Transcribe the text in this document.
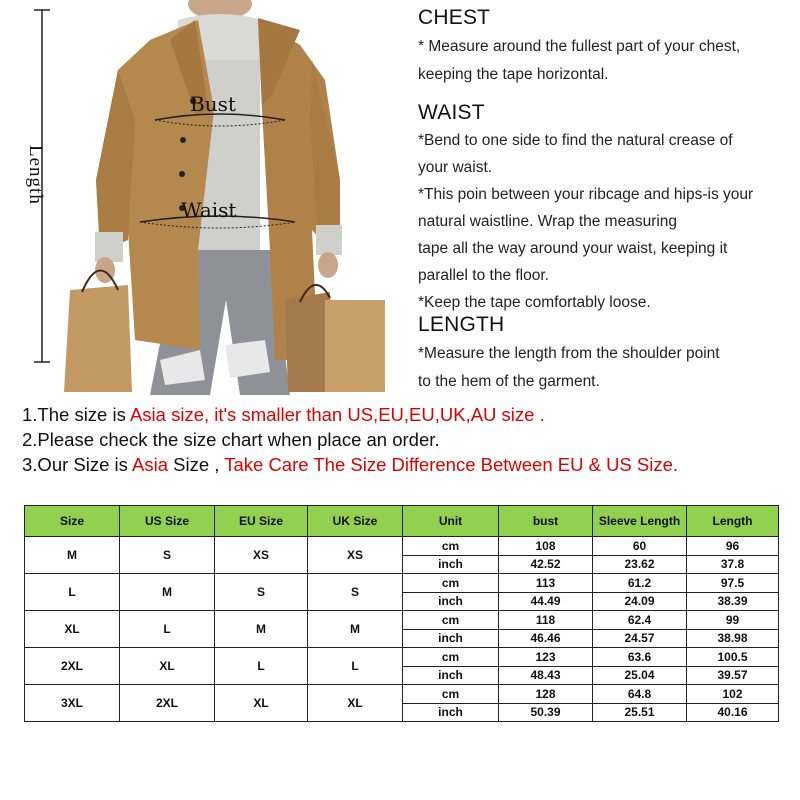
Length
Bust
Waist
CHEST

* Measure around the fullest part of your chest,

keeping the tape horizontal.

WAIST

*Bend to one side to find the natural crease of

your waist.

*This poin between your ribcage and hips-is your

natural waistline. Wrap the measuring

tape all the way around your waist, keeping it

parallel to the floor.

*Keep the tape comfortably loose.

LENGTH

*Measure the length from the shoulder point

to the hem of the garment.

1.The size is Asia size, it's smaller than US,EU,EU,UK,AU size .
2.Please check the size chart when place an order.
3.Our Size is Asia Size , Take Care The Size Difference Between EU & US Size.
Size	US Size	EU Size	UK Size	Unit	bust	Sleeve Length	Length
M	S	XS	XS	cm	108	60	96
				inch	42.52	23.62	37.8
L	M	S	S	cm	113	61.2	97.5
				inch	44.49	24.09	38.39
XL	L	M	M	cm	118	62.4	99
				inch	46.46	24.57	38.98
2XL	XL	L	L	cm	123	63.6	100.5
				inch	48.43	25.04	39.57
3XL	2XL	XL	XL	cm	128	64.8	102
				inch	50.39	25.51	40.16
